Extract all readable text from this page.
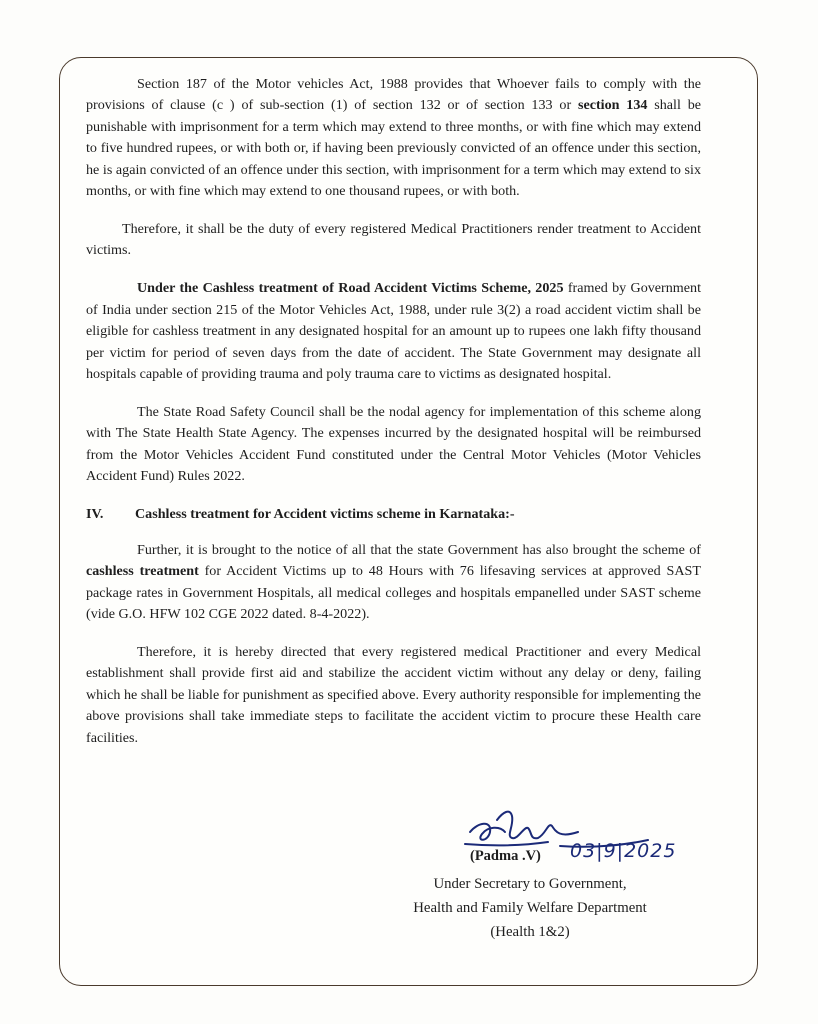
Section 187 of the Motor vehicles Act, 1988 provides that Whoever fails to comply with the provisions of clause (c ) of sub-section (1) of section 132 or of section 133 or section 134 shall be punishable with imprisonment for a term which may extend to three months, or with fine which may extend to five hundred rupees, or with both or, if having been previously convicted of an offence under this section, he is again convicted of an offence under this section, with imprisonment for a term which may extend to six months, or with fine which may extend to one thousand rupees, or with both.

Therefore, it shall be the duty of every registered Medical Practitioners render treatment to Accident victims.

Under the Cashless treatment of Road Accident Victims Scheme, 2025 framed by Government of India under section 215 of the Motor Vehicles Act, 1988, under rule 3(2) a road accident victim shall be eligible for cashless treatment in any designated hospital for an amount up to rupees one lakh fifty thousand per victim for period of seven days from the date of accident. The State Government may designate all hospitals capable of providing trauma and poly trauma care to victims as designated hospital.

The State Road Safety Council shall be the nodal agency for implementation of this scheme along with The State Health State Agency. The expenses incurred by the designated hospital will be reimbursed from the Motor Vehicles Accident Fund constituted under the Central Motor Vehicles (Motor Vehicles Accident Fund) Rules 2022.

IV.	Cashless treatment for Accident victims scheme in Karnataka:-

Further, it is brought to the notice of all that the state Government has also brought the scheme of cashless treatment for Accident Victims up to 48 Hours with 76 lifesaving services at approved SAST package rates in Government Hospitals, all medical colleges and hospitals empanelled under SAST scheme (vide G.O. HFW 102 CGE 2022 dated. 8-4-2022).

Therefore, it is hereby directed that every registered medical Practitioner and every Medical establishment shall provide first aid and stabilize the accident victim without any delay or deny, failing which he shall be liable for punishment as specified above. Every authority responsible for implementing the above provisions shall take immediate steps to facilitate the accident victim to procure these Health care facilities.

(Padma .V) 03|9|2025
Under Secretary to Government,
Health and Family Welfare Department
(Health 1&2)
